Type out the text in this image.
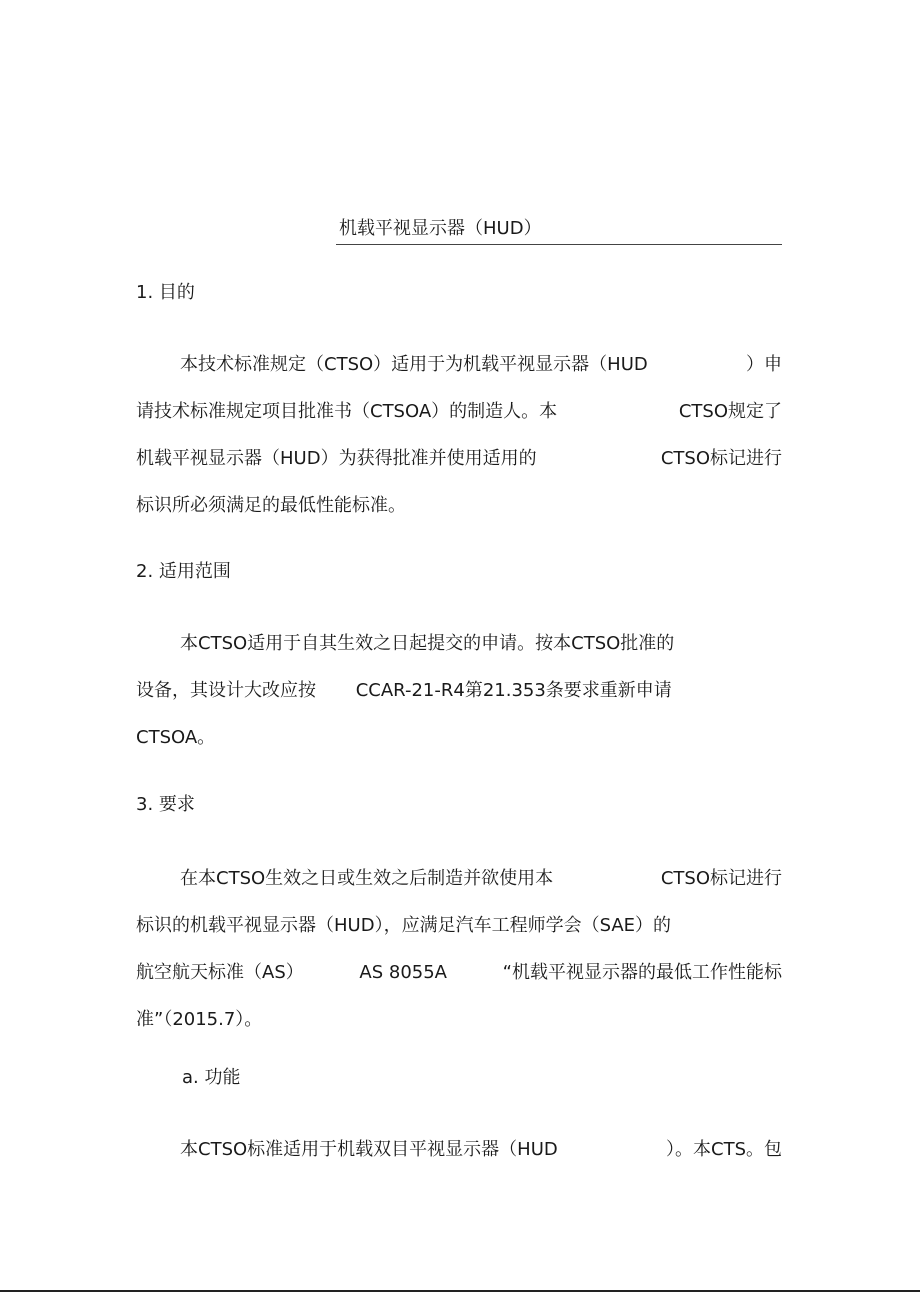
机载平视显示器（HUD）
1. 目的
本技术标准规定（CTSO）适用于为机载平视显示器（HUD	）申
请技术标准规定项目批准书（CTSOA）的制造人。本	CTSO规定了
机载平视显示器（HUD）为获得批准并使用适用的	CTSO标记进行
标识所必须满足的最低性能标准。
2. 适用范围
本CTSO适用于自其生效之日起提交的申请。按本CTSO批准的
设备，其设计大改应按 CCAR-21-R4第21.353条要求重新申请
CTSOA。
3. 要求
在本CTSO生效之日或生效之后制造并欲使用本	CTSO标记进行
标识的机载平视显示器（HUD），应满足汽车工程师学会（SAE）的
航空航天标准（AS）	AS 8055A	“机载平视显示器的最低工作性能标
准”（2015.7）。
a. 功能
本CTSO标准适用于机载双目平视显示器（HUD	）。本CTS。包
